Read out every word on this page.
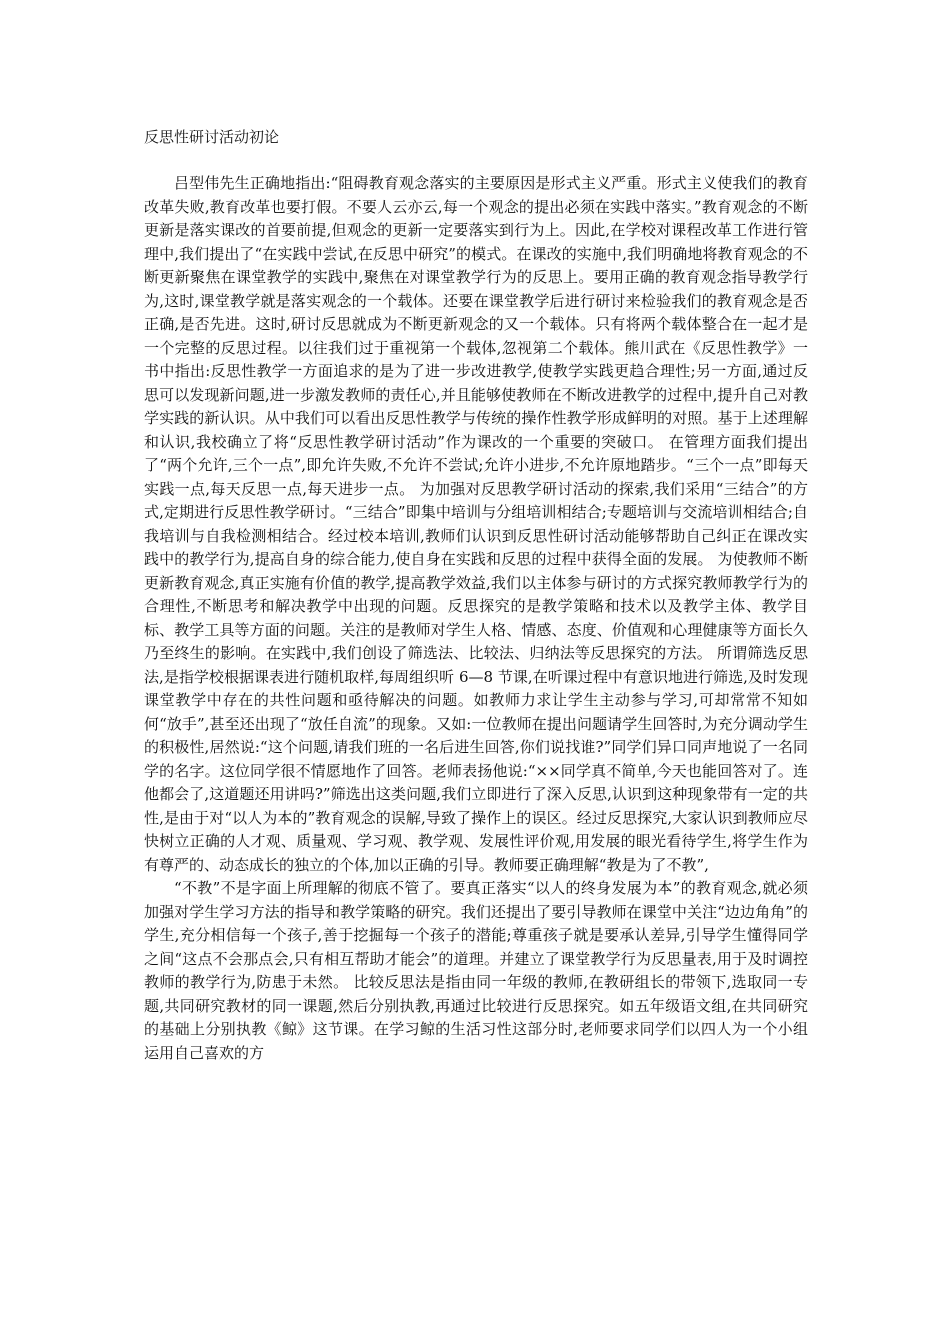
反思性研讨活动初论

吕型伟先生正确地指出:“阻碍教育观念落实的主要原因是形式主义严重。形式主义使我们的教育改革失败,教育改革也要打假。不要人云亦云,每一个观念的提出必须在实践中落实。”教育观念的不断更新是落实课改的首要前提,但观念的更新一定要落实到行为上。因此,在学校对课程改革工作进行管理中,我们提出了“在实践中尝试,在反思中研究”的模式。在课改的实施中,我们明确地将教育观念的不断更新聚焦在课堂教学的实践中,聚焦在对课堂教学行为的反思上。要用正确的教育观念指导教学行为,这时,课堂教学就是落实观念的一个载体。还要在课堂教学后进行研讨来检验我们的教育观念是否正确,是否先进。这时,研讨反思就成为不断更新观念的又一个载体。只有将两个载体整合在一起才是一个完整的反思过程。以往我们过于重视第一个载体,忽视第二个载体。熊川武在《反思性教学》一书中指出:反思性教学一方面追求的是为了进一步改进教学,使教学实践更趋合理性;另一方面,通过反思可以发现新问题,进一步激发教师的责任心,并且能够使教师在不断改进教学的过程中,提升自己对教学实践的新认识。从中我们可以看出反思性教学与传统的操作性教学形成鲜明的对照。基于上述理解和认识,我校确立了将“反思性教学研讨活动”作为课改的一个重要的突破口。 在管理方面我们提出了“两个允许,三个一点”,即允许失败,不允许不尝试;允许小进步,不允许原地踏步。“三个一点”即每天实践一点,每天反思一点,每天进步一点。 为加强对反思教学研讨活动的探索,我们采用“三结合”的方式,定期进行反思性教学研讨。“三结合”即集中培训与分组培训相结合;专题培训与交流培训相结合;自我培训与自我检测相结合。经过校本培训,教师们认识到反思性研讨活动能够帮助自己纠正在课改实践中的教学行为,提高自身的综合能力,使自身在实践和反思的过程中获得全面的发展。 为使教师不断更新教育观念,真正实施有价值的教学,提高教学效益,我们以主体参与研讨的方式探究教师教学行为的合理性,不断思考和解决教学中出现的问题。反思探究的是教学策略和技术以及教学主体、教学目标、教学工具等方面的问题。关注的是教师对学生人格、情感、态度、价值观和心理健康等方面长久乃至终生的影响。在实践中,我们创设了筛选法、比较法、归纳法等反思探究的方法。 所谓筛选反思法,是指学校根据课表进行随机取样,每周组织听 6—8 节课,在听课过程中有意识地进行筛选,及时发现课堂教学中存在的共性问题和亟待解决的问题。如教师力求让学生主动参与学习,可却常常不知如何“放手”,甚至还出现了“放任自流”的现象。又如:一位教师在提出问题请学生回答时,为充分调动学生的积极性,居然说:“这个问题,请我们班的一名后进生回答,你们说找谁?”同学们异口同声地说了一名同学的名字。这位同学很不情愿地作了回答。老师表扬他说:“××同学真不简单,今天也能回答对了。连他都会了,这道题还用讲吗?”筛选出这类问题,我们立即进行了深入反思,认识到这种现象带有一定的共性,是由于对“以人为本的”教育观念的误解,导致了操作上的误区。经过反思探究,大家认识到教师应尽快树立正确的人才观、质量观、学习观、教学观、发展性评价观,用发展的眼光看待学生,将学生作为有尊严的、动态成长的独立的个体,加以正确的引导。教师要正确理解“教是为了不教”,

“不教”不是字面上所理解的彻底不管了。要真正落实“以人的终身发展为本”的教育观念,就必须加强对学生学习方法的指导和教学策略的研究。我们还提出了要引导教师在课堂中关注“边边角角”的学生,充分相信每一个孩子,善于挖掘每一个孩子的潜能;尊重孩子就是要承认差异,引导学生懂得同学之间“这点不会那点会,只有相互帮助才能会”的道理。并建立了课堂教学行为反思量表,用于及时调控教师的教学行为,防患于未然。 比较反思法是指由同一年级的教师,在教研组长的带领下,选取同一专题,共同研究教材的同一课题,然后分别执教,再通过比较进行反思探究。如五年级语文组,在共同研究的基础上分别执教《鲸》这节课。在学习鲸的生活习性这部分时,老师要求同学们以四人为一个小组运用自己喜欢的方
